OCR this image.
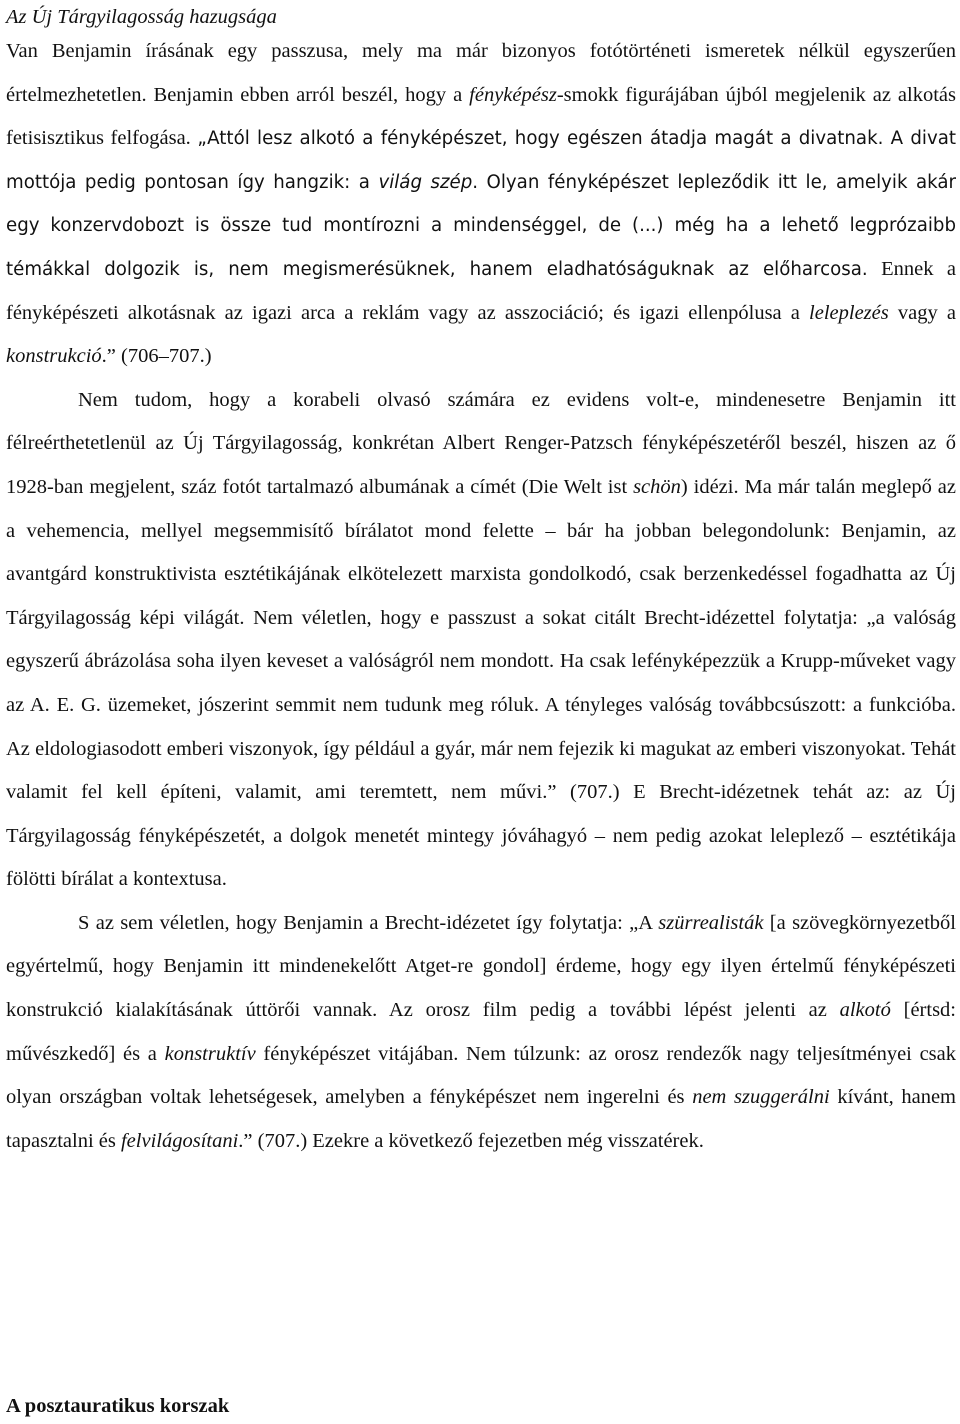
Az Új Tárgyilagosság hazugsága

Van Benjamin írásának egy passzusa, mely ma már bizonyos fotótörténeti ismeretek nélkül egyszerűen értelmezhetetlen. Benjamin ebben arról beszél, hogy a fényképész-smokk figurájában újból megjelenik az alkotás fetisisztikus felfogása. „Attól lesz alkotó a fényképészet, hogy egészen átadja magát a divatnak. A divat mottója pedig pontosan így hangzik: a világ szép. Olyan fényképészet lepleződik itt le, amelyik akár egy konzervdobozt is össze tud montírozni a mindenséggel, de (...) még ha a lehető legprózaibb témákkal dolgozik is, nem megismerésüknek, hanem eladhatóságuknak az előharcosa. Ennek a fényképészeti alkotásnak az igazi arca a reklám vagy az asszociáció; és igazi ellenpólusa a leleplezés vagy a konstrukció.” (706–707.)

Nem tudom, hogy a korabeli olvasó számára ez evidens volt-e, mindenesetre Benjamin itt félreérthetetlenül az Új Tárgyilagosság, konkrétan Albert Renger-Patzsch fényképészetéről beszél, hiszen az ő 1928-ban megjelent, száz fotót tartalmazó albumának a címét (Die Welt ist schön) idézi. Ma már talán meglepő az a vehemencia, mellyel megsemmisítő bírálatot mond felette – bár ha jobban belegondolunk: Benjamin, az avantgárd konstruktivista esztétikájának elkötelezett marxista gondolkodó, csak berzenkedéssel fogadhatta az Új Tárgyilagosság képi világát. Nem véletlen, hogy e passzust a sokat citált Brecht-idézettel folytatja: „a valóság egyszerű ábrázolása soha ilyen keveset a valóságról nem mondott. Ha csak lefényképezzük a Krupp-műveket vagy az A. E. G. üzemeket, jószerint semmit nem tudunk meg róluk. A tényleges valóság továbbcsúszott: a funkcióba. Az eldologiasodott emberi viszonyok, így például a gyár, már nem fejezik ki magukat az emberi viszonyokat. Tehát valamit fel kell építeni, valamit, ami teremtett, nem művi.” (707.) E Brecht-idézetnek tehát az: az Új Tárgyilagosság fényképészetét, a dolgok menetét mintegy jóváhagyó – nem pedig azokat leleplező – esztétikája fölötti bírálat a kontextusa.

S az sem véletlen, hogy Benjamin a Brecht-idézetet így folytatja: „A szürrealisták [a szövegkörnyezetből egyértelmű, hogy Benjamin itt mindenekelőtt Atget-re gondol] érdeme, hogy egy ilyen értelmű fényképészeti konstrukció kialakításának úttörői vannak. Az orosz film pedig a további lépést jelenti az alkotó [értsd: művészkedő] és a konstruktív fényképészet vitájában. Nem túlzunk: az orosz rendezők nagy teljesítményei csak olyan országban voltak lehetségesek, amelyben a fényképészet nem ingerelni és nem szuggerálni kívánt, hanem tapasztalni és felvilágosítani.” (707.) Ezekre a következő fejezetben még visszatérek.

A posztauratikus korszak
